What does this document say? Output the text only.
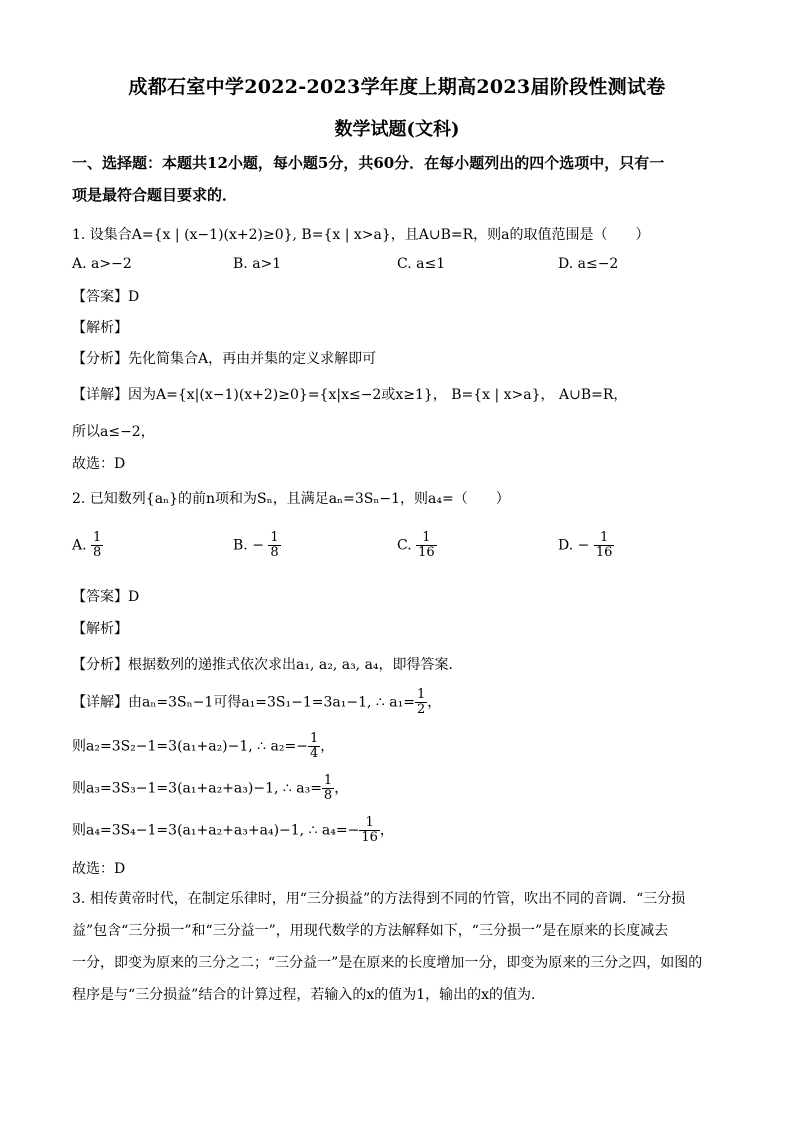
成都石室中学2022-2023学年度上期高2023届阶段性测试卷
数学试题(文科)
一、选择题：本题共12小题，每小题5分，共60分．在每小题列出的四个选项中，只有一
项是最符合题目要求的．
1. 设集合A={x | (x−1)(x+2)≥0}, B={x | x>a}，且A∪B=R，则a的取值范围是（　　）
A. a>−2	B. a>1	C. a≤1	D. a≤−2
【答案】D
【解析】
【分析】先化简集合A，再由并集的定义求解即可
【详解】因为A={x|(x−1)(x+2)≥0}={x|x≤−2或x≥1}， B={x | x>a}， A∪B=R，
所以a≤−2，
故选：D
2. 已知数列{aₙ}的前n项和为Sₙ，且满足aₙ=3Sₙ−1，则a₄=（　　）
A. $\frac{1}{8}$	B. − $\frac{1}{8}$	C. $\frac{1}{16}$	D. − $\frac{1}{16}$
【答案】D
【解析】
【分析】根据数列的递推式依次求出a₁, a₂, a₃, a₄，即得答案．
【详解】由aₙ=3Sₙ−1可得a₁=3S₁−1=3a₁−1, ∴ $a_1= \frac{1}{2}$ ，
则a₂=3S₂−1=3(a₁+a₂)−1, ∴ $a_2=- \frac{1}{4}$ ，
则a₃=3S₃−1=3(a₁+a₂+a₃)−1, ∴ $a_3= \frac{1}{8}$ ，
则a₄=3S₄−1=3(a₁+a₂+a₃+a₄)−1, ∴ $a_4=- \frac{1}{16}$ ，
故选：D
3. 相传黄帝时代，在制定乐律时，用“三分损益”的方法得到不同的竹管，吹出不同的音调．“三分损
益”包含“三分损一”和“三分益一”，用现代数学的方法解释如下，“三分损一”是在原来的长度减去
一分，即变为原来的三分之二；“三分益一”是在原来的长度增加一分，即变为原来的三分之四，如图的
程序是与“三分损益”结合的计算过程，若输入的x的值为1，输出的x的值为．
